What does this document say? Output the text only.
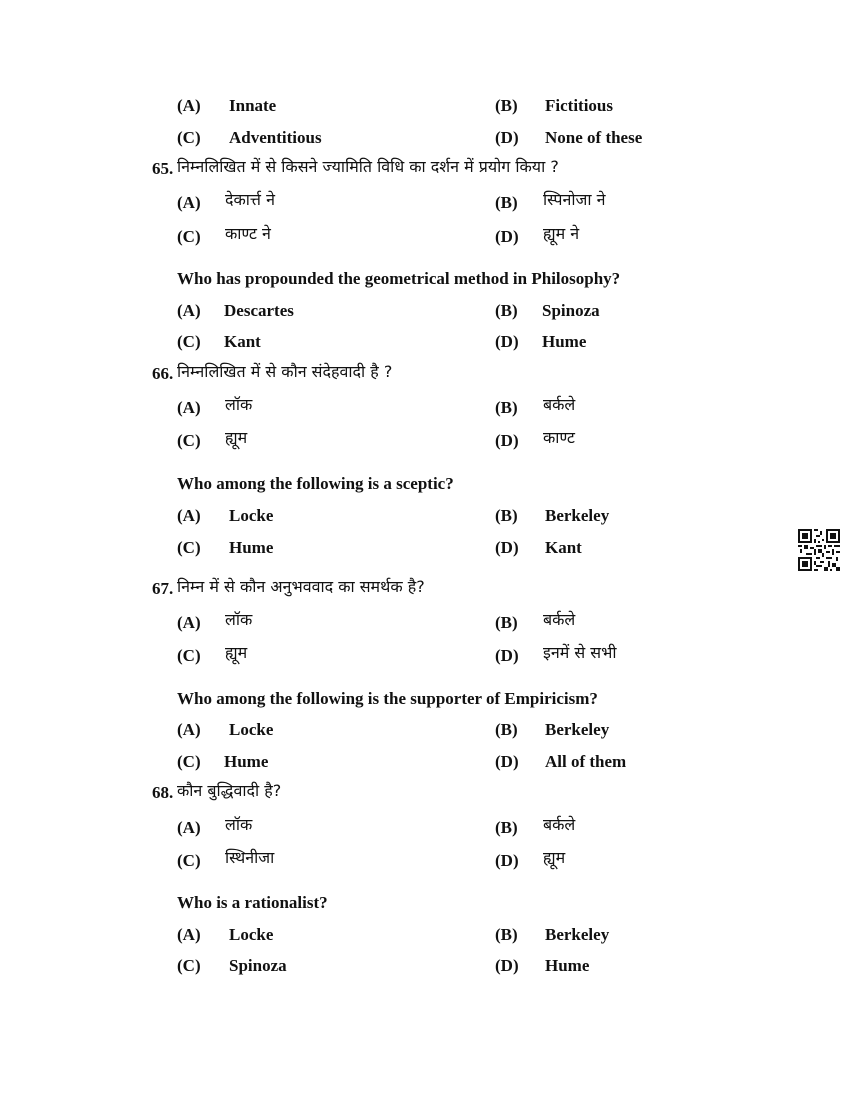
(A) Innate	(B) Fictitious
(C) Adventitious	(D) None of these
65. निम्नलिखित में से किसने ज्यामिति विधि का दर्शन में प्रयोग किया ?
(A) देकार्त्त ने	(B) स्पिनोजा ने
(C) काण्ट ने	(D) ह्यूम ने
Who has propounded the geometrical method in Philosophy?
(A) Descartes	(B) Spinoza
(C) Kant	(D) Hume
66. निम्नलिखित में से कौन संदेहवादी है ?
(A) लॉक	(B) बर्कले
(C) ह्यूम	(D) काण्ट
Who among the following is a sceptic?
(A) Locke	(B) Berkeley
(C) Hume	(D) Kant
67. निम्न में से कौन अनुभववाद का समर्थक है?
(A) लॉक	(B) बर्कले
(C) ह्यूम	(D) इनमें से सभी
Who among the following is the supporter of Empiricism?
(A) Locke	(B) Berkeley
(C) Hume	(D) All of them
68. कौन बुद्धिवादी है?
(A) लॉक	(B) बर्कले
(C) स्थिनीजा	(D) ह्यूम
Who is a rationalist?
(A) Locke	(B) Berkeley
(C) Spinoza	(D) Hume
